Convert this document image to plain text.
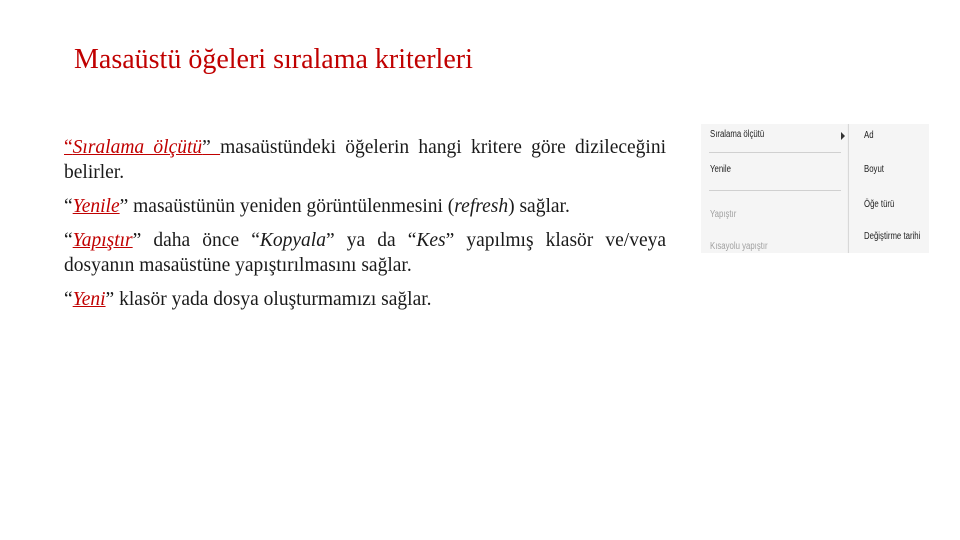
Masaüstü öğeleri sıralama kriterleri

“Sıralama ölçütü” masaüstündeki öğelerin hangi kritere göre dizileceğini belirler.

“Yenile” masaüstünün yeniden görüntülenmesini (refresh) sağlar.

“Yapıştır” daha önce “Kopyala” ya da “Kes” yapılmış klasör ve/veya dosyanın masaüstüne yapıştırılmasını sağlar.

“Yeni” klasör yada dosya oluşturmamızı sağlar.

Sıralama ölçütü
Yenile
Yapıştır
Kısayolu yapıştır
Ad
Boyut
Öğe türü
Değiştirme tarihi
